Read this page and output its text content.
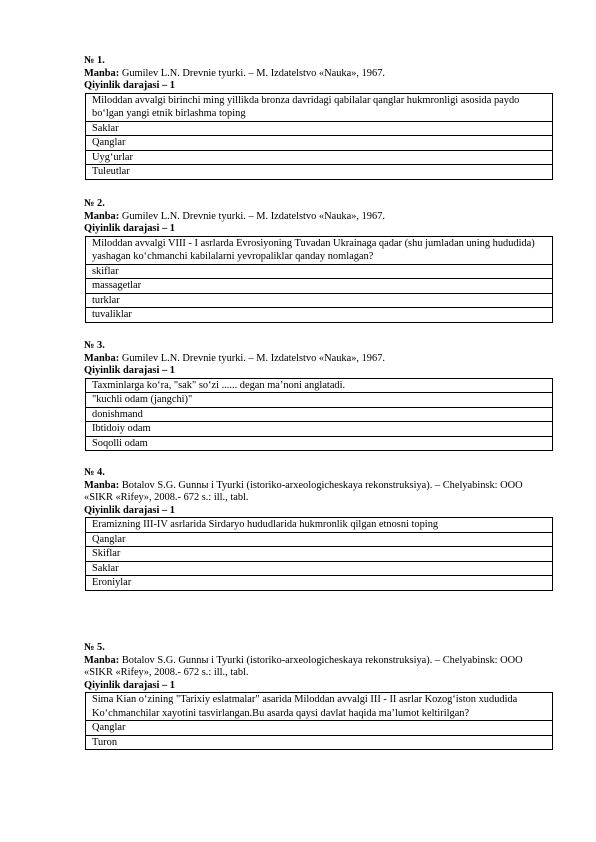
№ 1.
Manba: Gumilev L.N. Drevnie tyurki. – M. Izdatelstvo «Nauka», 1967.
Qiyinlik darajasi – 1
Miloddan avvalgi birinchi ming yillikda bronza davridagi qabilalar qanglar hukmronligi asosida paydo bo‘lgan yangi etnik birlashma toping
Saklar
Qanglar
Uyg‘urlar
Tuleutlar
№ 2.
Manba: Gumilev L.N. Drevnie tyurki. – M. Izdatelstvo «Nauka», 1967.
Qiyinlik darajasi – 1
Miloddan avvalgi VIII - I asrlarda Evrosiyoning Tuvadan Ukrainaga qadar (shu jumladan uning hududida) yashagan ko‘chmanchi kabilalarni yevropaliklar qanday nomlagan?
skiflar
massagetlar
turklar
tuvaliklar
№ 3.
Manba: Gumilev L.N. Drevnie tyurki. – M. Izdatelstvo «Nauka», 1967.
Qiyinlik darajasi – 1
Taxminlarga ko‘ra, "sak" so‘zi ...... degan ma’noni anglatadi.
"kuchli odam (jangchi)"
donishmand
Ibtidoiy odam
Soqolli odam
№ 4.
Manba: Botalov S.G. Gunnы i Tyurki (istoriko-arxeologicheskaya rekonstruksiya). – Chelyabinsk: OOO «SIKR «Rifey», 2008.- 672 s.: ill., tabl.
Qiyinlik darajasi – 1
Eramizning III-IV asrlarida Sirdaryo hududlarida hukmronlik qilgan etnosni toping
Qanglar
Skiflar
Saklar
Eroniylar
№ 5.
Manba: Botalov S.G. Gunnы i Tyurki (istoriko-arxeologicheskaya rekonstruksiya). – Chelyabinsk: OOO «SIKR «Rifey», 2008.- 672 s.: ill., tabl.
Qiyinlik darajasi – 1
Sima Kian o‘zining "Tarixiy eslatmalar" asarida Miloddan avvalgi III - II asrlar Kozog‘iston xududida Ko‘chmanchilar xayotini tasvirlangan.Bu asarda qaysi davlat haqida ma’lumot keltirilgan?
Qanglar
Turon
